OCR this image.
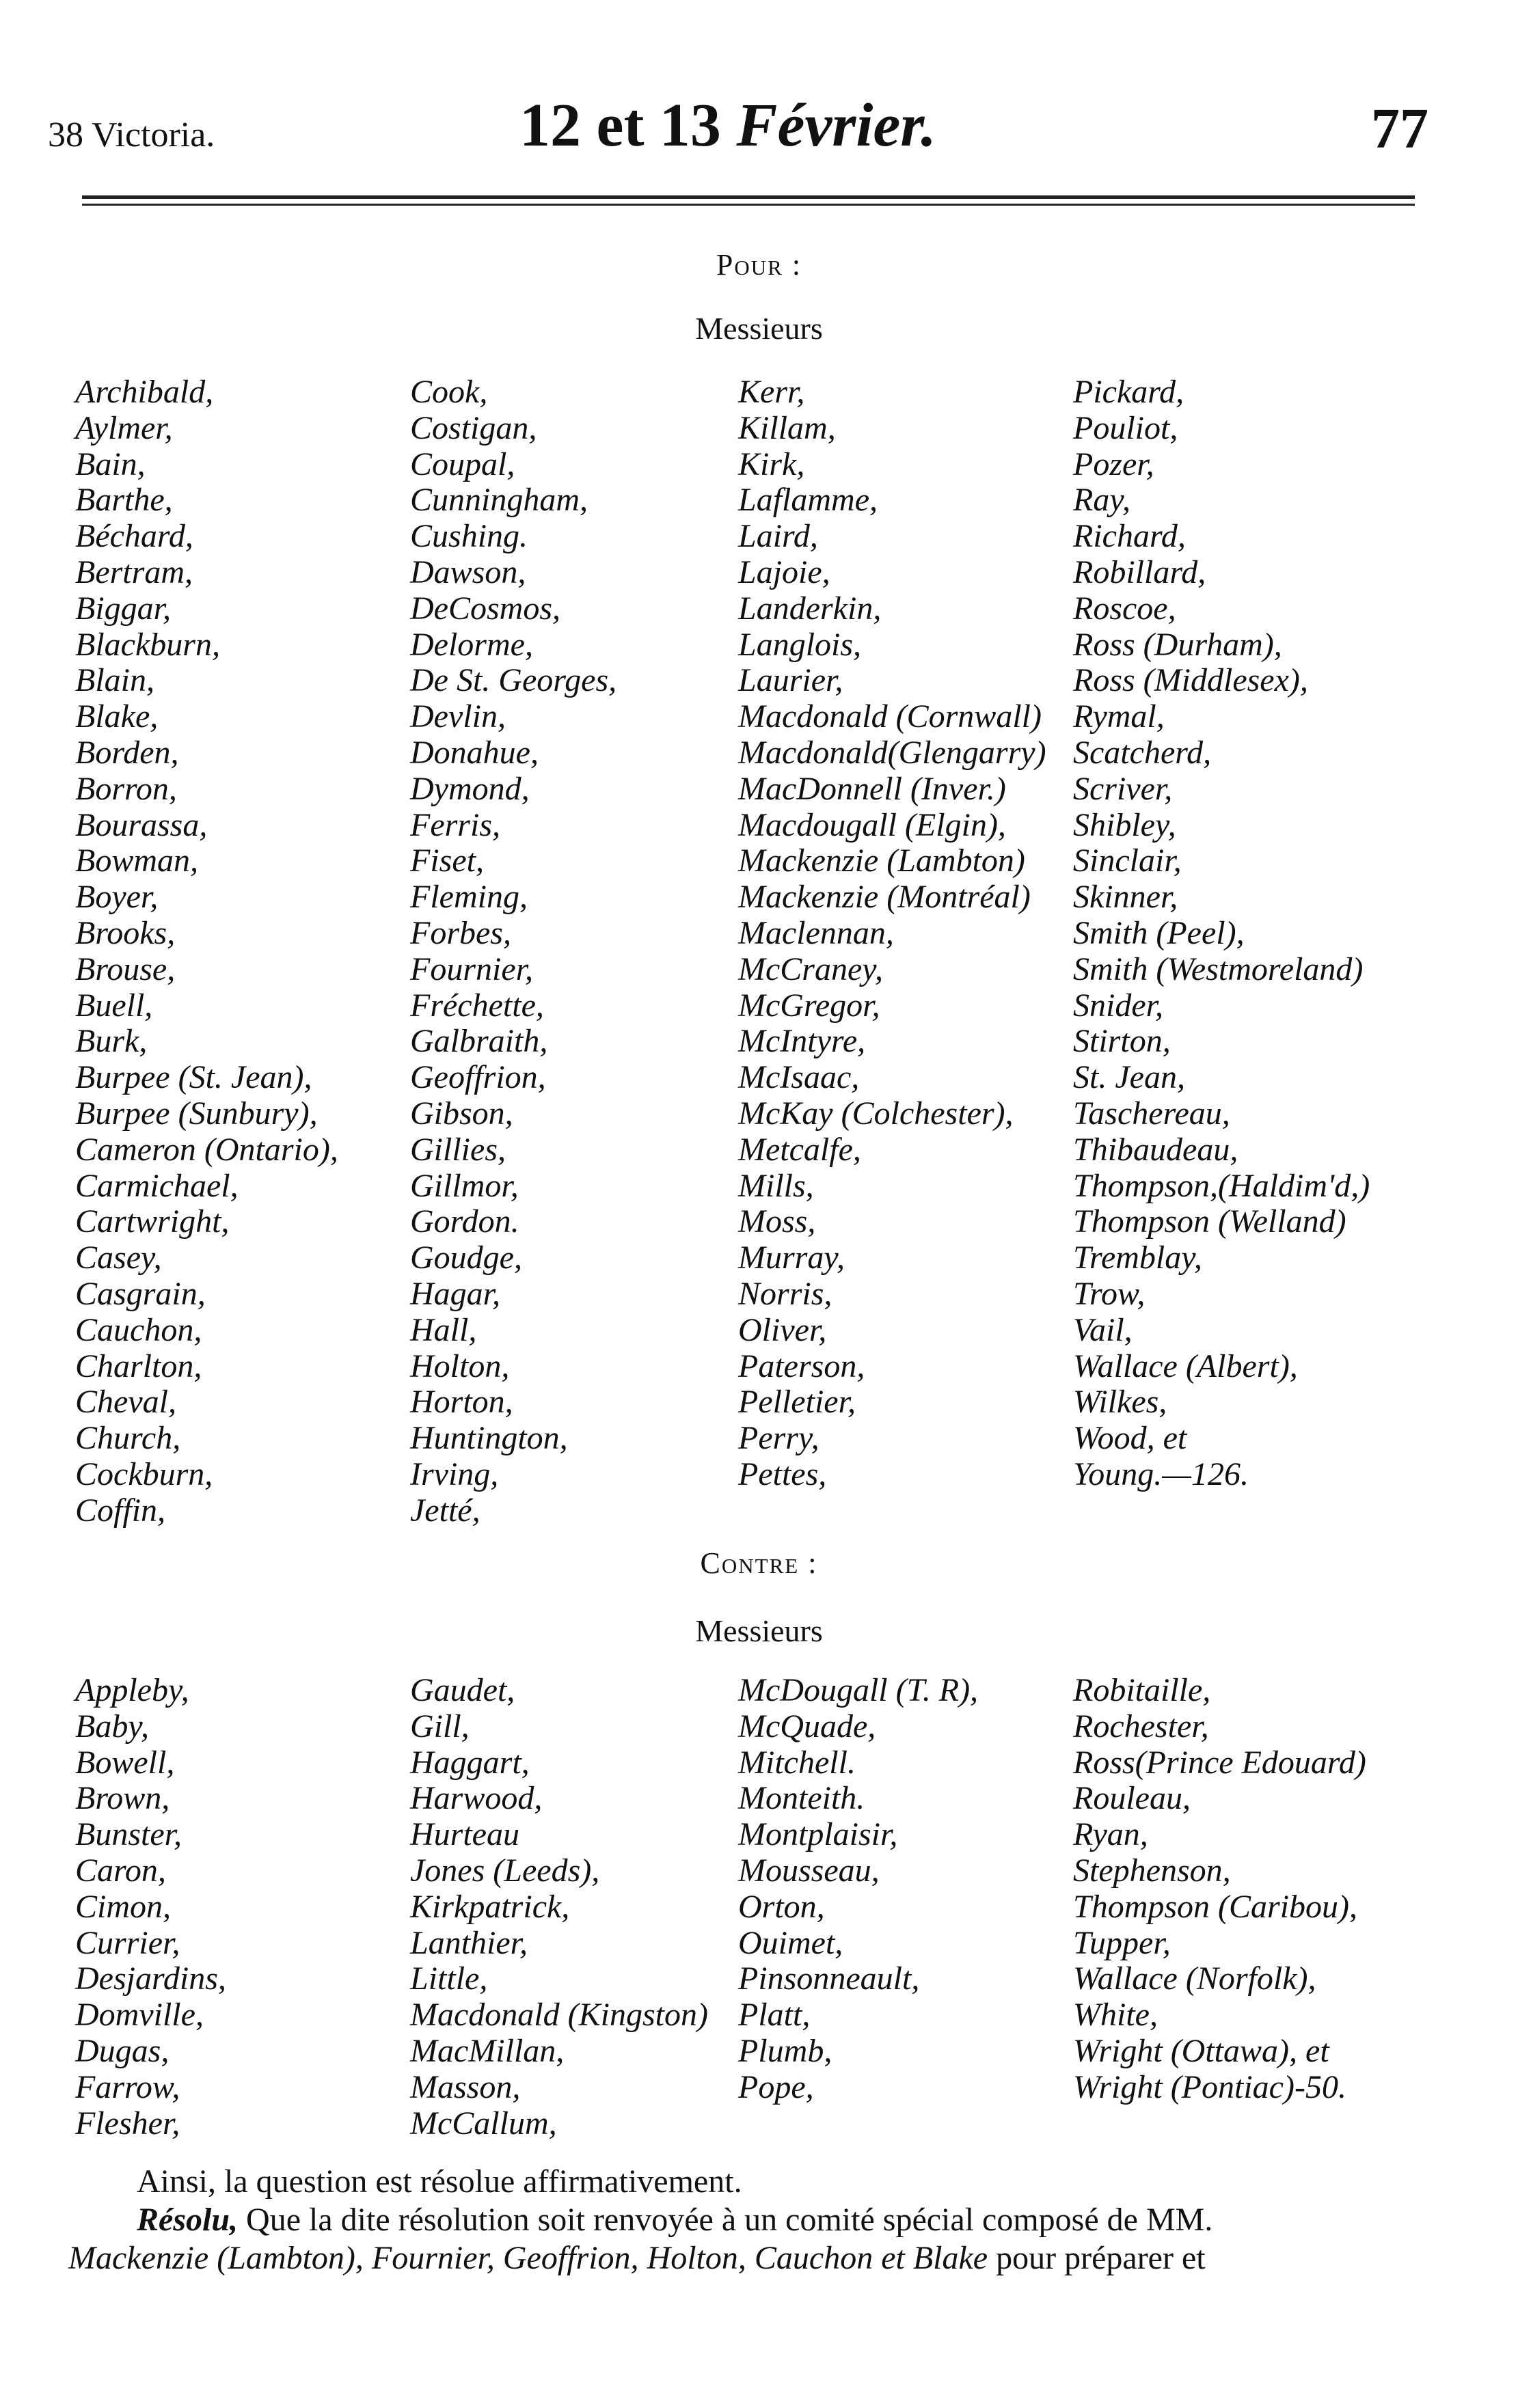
38 Victoria.	12 et 13 Février.	77
Pour :
Messieurs
Archibald,
Aylmer,
Bain,
Barthe,
Béchard,
Bertram,
Biggar,
Blackburn,
Blain,
Blake,
Borden,
Borron,
Bourassa,
Bowman,
Boyer,
Brooks,
Brouse,
Buell,
Burk,
Burpee (St. Jean),
Burpee (Sunbury),
Cameron (Ontario),
Carmichael,
Cartwright,
Casey,
Casgrain,
Cauchon,
Charlton,
Cheval,
Church,
Cockburn,
Coffin,
Cook,
Costigan,
Coupal,
Cunningham,
Cushing.
Dawson,
DeCosmos,
Delorme,
De St. Georges,
Devlin,
Donahue,
Dymond,
Ferris,
Fiset,
Fleming,
Forbes,
Fournier,
Fréchette,
Galbraith,
Geoffrion,
Gibson,
Gillies,
Gillmor,
Gordon.
Goudge,
Hagar,
Hall,
Holton,
Horton,
Huntington,
Irving,
Jetté,
Kerr,
Killam,
Kirk,
Laflamme,
Laird,
Lajoie,
Landerkin,
Langlois,
Laurier,
Macdonald (Cornwall)
Macdonald(Glengarry)
MacDonnell (Inver.)
Macdougall (Elgin),
Mackenzie (Lambton)
Mackenzie (Montréal)
Maclennan,
McCraney,
McGregor,
McIntyre,
McIsaac,
McKay (Colchester),
Metcalfe,
Mills,
Moss,
Murray,
Norris,
Oliver,
Paterson,
Pelletier,
Perry,
Pettes,
Pickard,
Pouliot,
Pozer,
Ray,
Richard,
Robillard,
Roscoe,
Ross (Durham),
Ross (Middlesex),
Rymal,
Scatcherd,
Scriver,
Shibley,
Sinclair,
Skinner,
Smith (Peel),
Smith (Westmoreland)
Snider,
Stirton,
St. Jean,
Taschereau,
Thibaudeau,
Thompson,(Haldim'd,)
Thompson (Welland)
Tremblay,
Trow,
Vail,
Wallace (Albert),
Wilkes,
Wood, et
Young.—126.
Contre :
Messieurs
Appleby,
Baby,
Bowell,
Brown,
Bunster,
Caron,
Cimon,
Currier,
Desjardins,
Domville,
Dugas,
Farrow,
Flesher,
Gaudet,
Gill,
Haggart,
Harwood,
Hurteau
Jones (Leeds),
Kirkpatrick,
Lanthier,
Little,
Macdonald (Kingston)
MacMillan,
Masson,
McCallum,
McDougall (T. R),
McQuade,
Mitchell.
Monteith.
Montplaisir,
Mousseau,
Orton,
Ouimet,
Pinsonneault,
Platt,
Plumb,
Pope,
Robitaille,
Rochester,
Ross(Prince Edouard)
Rouleau,
Ryan,
Stephenson,
Thompson (Caribou),
Tupper,
Wallace (Norfolk),
White,
Wright (Ottawa), et
Wright (Pontiac)-50.
Ainsi, la question est résolue affirmativement.
Résolu, Que la dite résolution soit renvoyée à un comité spécial composé de MM.
Mackenzie (Lambton), Fournier, Geoffrion, Holton, Cauchon et Blake pour préparer et
